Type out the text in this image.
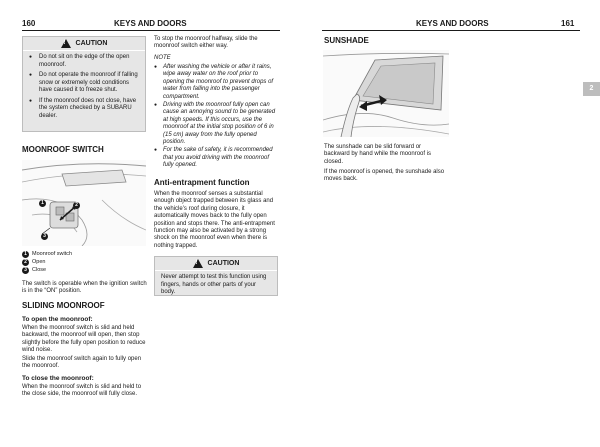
160	KEYS AND DOORS
!
CAUTION
● Do not sit on the edge of the open moonroof.
● Do not operate the moonroof if falling snow or extremely cold conditions have caused it to freeze shut.
● If the moonroof does not close, have the system checked by a SUBARU dealer.
MOONROOF SWITCH
1	2
3
1 Moonroof switch
2 Open
3 Close
The switch is operable when the ignition switch is in the “ON” position.
SLIDING MOONROOF
To open the moonroof:
When the moonroof switch is slid and held backward, the moonroof will open, then stop slightly before the fully open position to reduce wind noise.
Slide the moonroof switch again to fully open the moonroof.
To close the moonroof:
When the moonroof switch is slid and held to the close side, the moonroof will fully close.
To stop the moonroof halfway, slide the moonroof switch either way.
NOTE
● After washing the vehicle or after it rains, wipe away water on the roof prior to opening the moonroof to prevent drops of water from falling into the passenger compartment.
● Driving with the moonroof fully open can cause an annoying sound to be generated at high speeds. If this occurs, use the moonroof at the initial stop position of 6 in (15 cm) away from the fully opened position.
● For the sake of safety, it is recommended that you avoid driving with the moonroof fully opened.
Anti-entrapment function
When the moonroof senses a substantial enough object trapped between its glass and the vehicle’s roof during closure, it automatically moves back to the fully open position and stops there. The anti-entrapment function may also be activated by a strong shock on the moonroof even when there is nothing trapped.
!
CAUTION
Never attempt to test this function using fingers, hands or other parts of your body.
KEYS AND DOORS	161
SUNSHADE
The sunshade can be slid forward or backward by hand while the moonroof is closed.
If the moonroof is opened, the sunshade also moves back.
2
